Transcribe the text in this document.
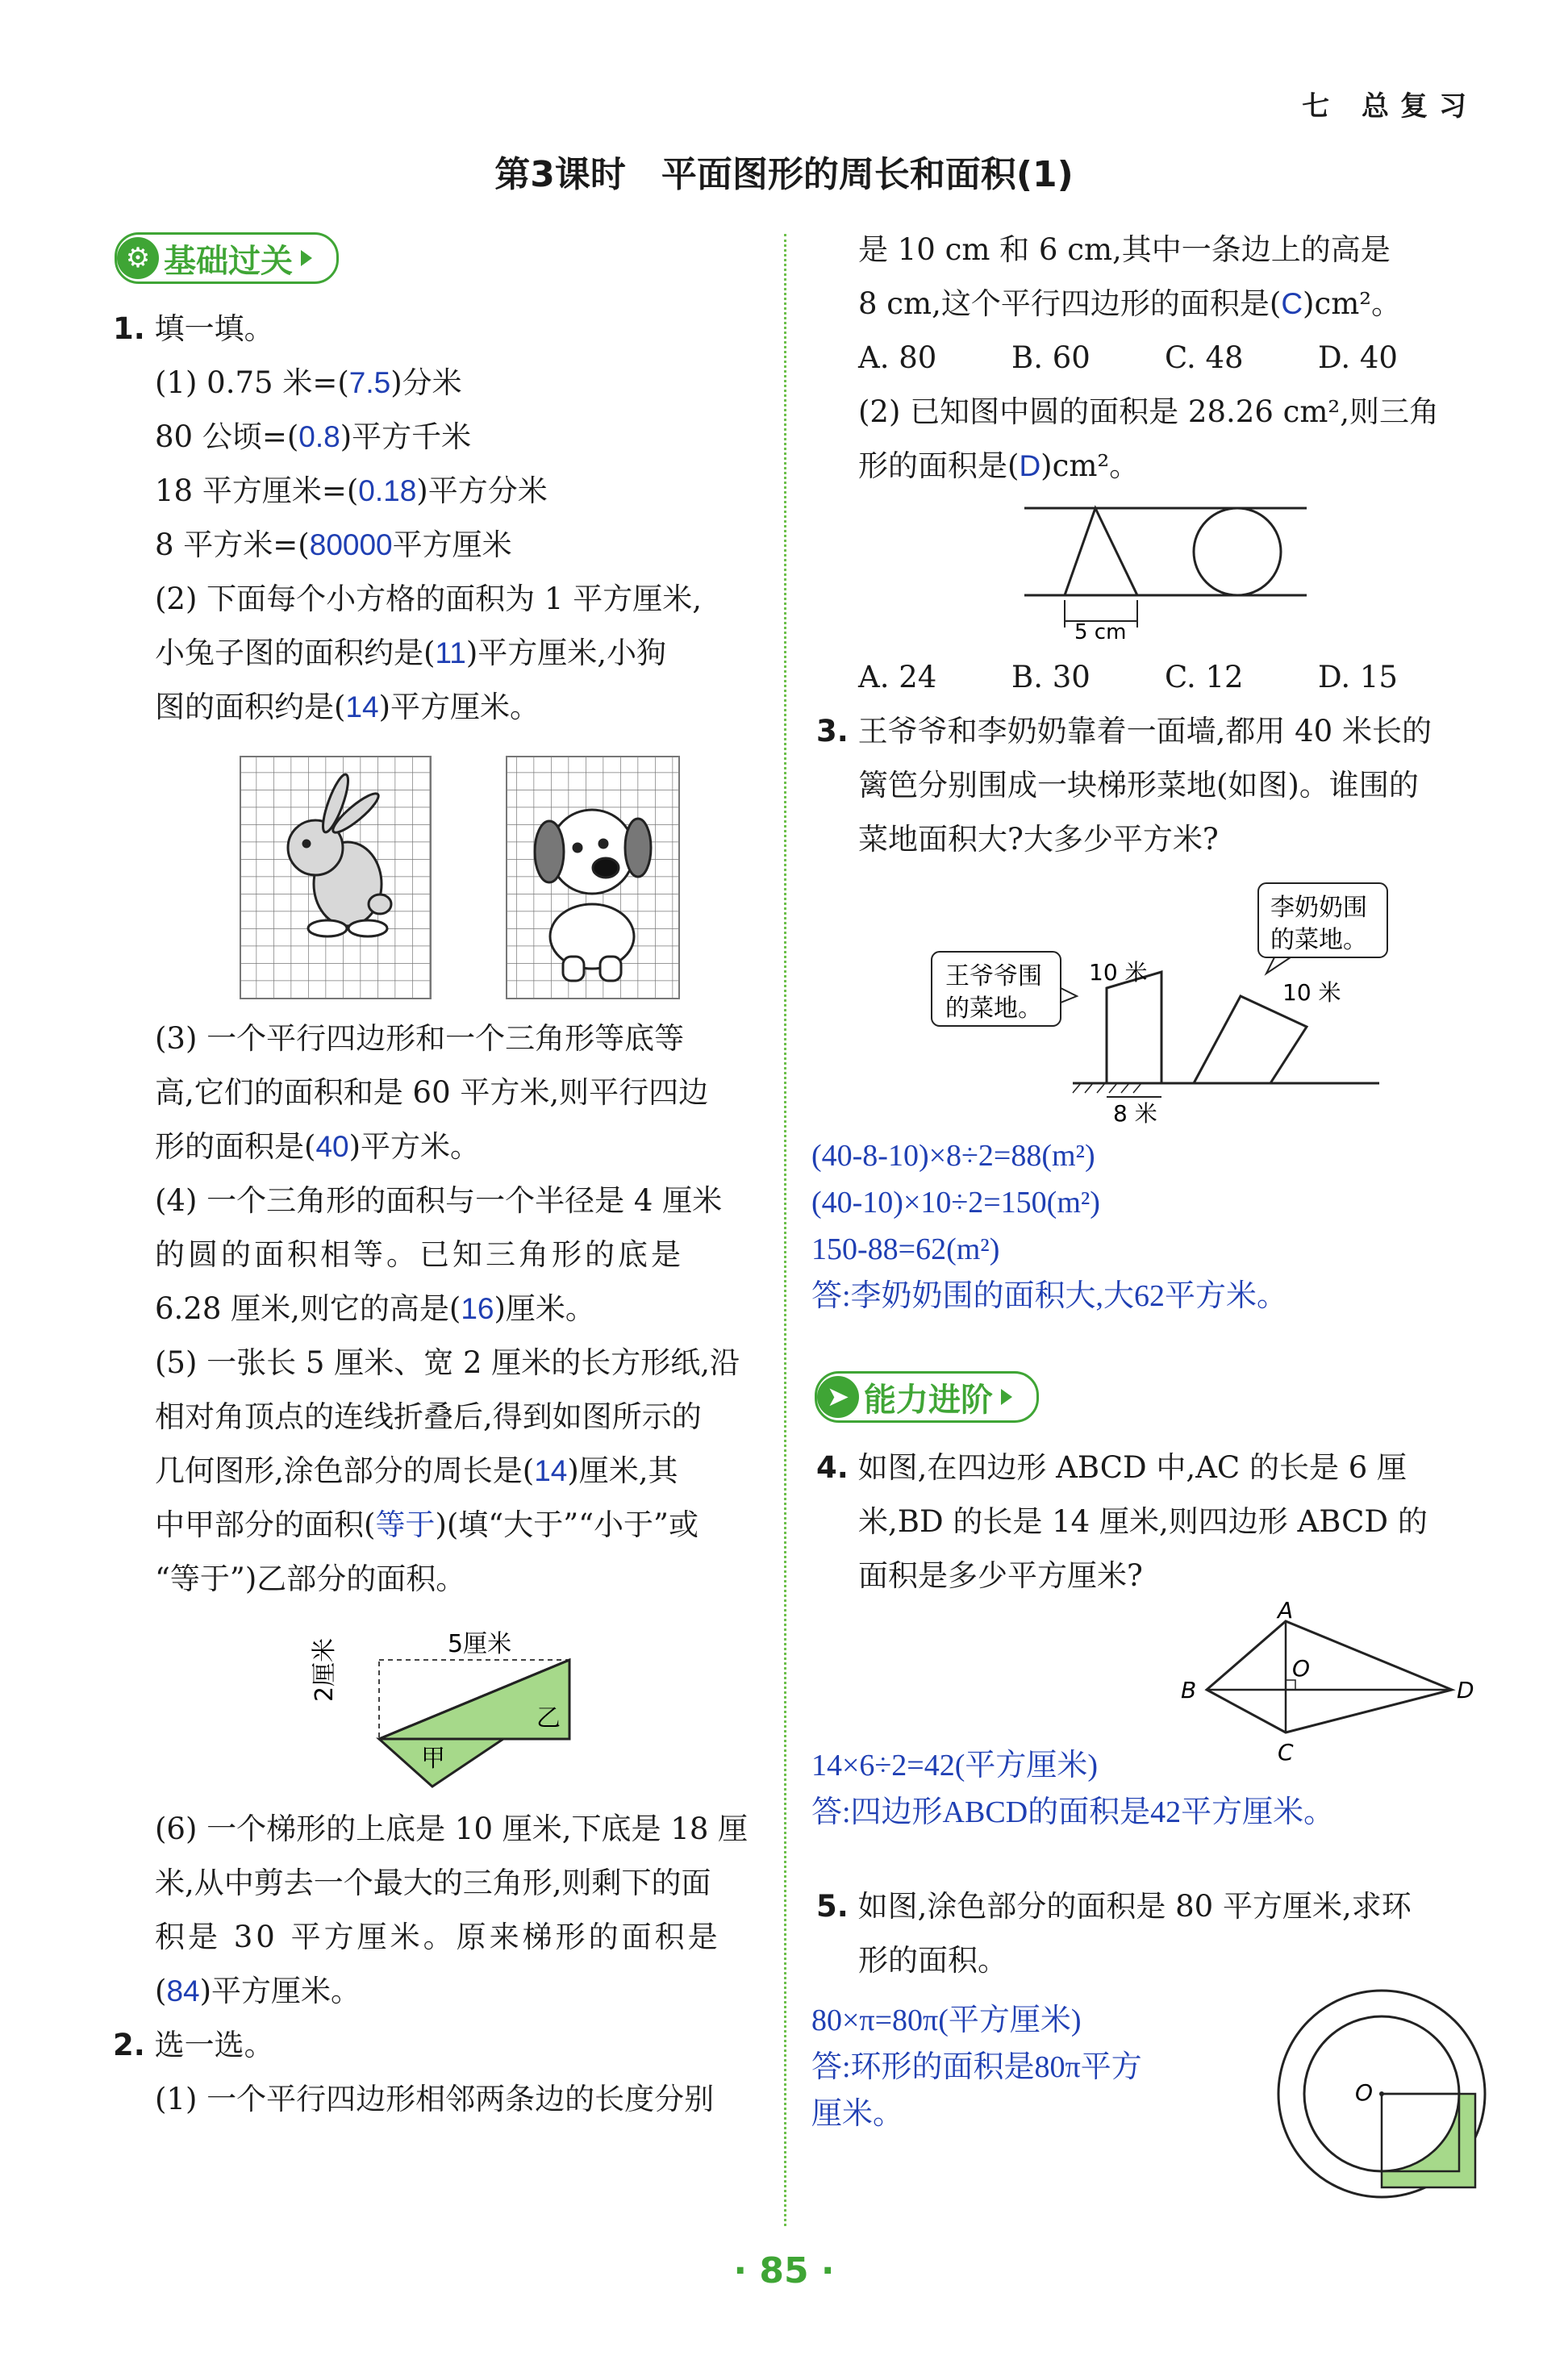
七 总复习
第3课时 平面图形的周长和面积(1)
⚙ 基础过关
1. 填一填。
(1) 0.75 米=(7.5)分米
80 公顷=(0.8)平方千米
18 平方厘米=(0.18)平方分米
8 平方米=(80000平方厘米
(2) 下面每个小方格的面积为 1 平方厘米,
小兔子图的面积约是(11)平方厘米,小狗
图的面积约是(14)平方厘米。
(3) 一个平行四边形和一个三角形等底等
高,它们的面积和是 60 平方米,则平行四边
形的面积是(40)平方米。
(4) 一个三角形的面积与一个半径是 4 厘米
的圆的面积相等。已知三角形的底是
6.28 厘米,则它的高是(16)厘米。
(5) 一张长 5 厘米、宽 2 厘米的长方形纸,沿
相对角顶点的连线折叠后,得到如图所示的
几何图形,涂色部分的周长是(14)厘米,其
中甲部分的面积(等于)(填“大于”“小于”或
“等于”)乙部分的面积。
5厘米
2厘米
甲
乙
(6) 一个梯形的上底是 10 厘米,下底是 18 厘
米,从中剪去一个最大的三角形,则剩下的面
积是 30 平方厘米。原来梯形的面积是
(84)平方厘米。
2. 选一选。
(1) 一个平行四边形相邻两条边的长度分别
是 10 cm 和 6 cm,其中一条边上的高是
8 cm,这个平行四边形的面积是(C)cm²。
A. 80	B. 60 C. 48 D. 40
(2) 已知图中圆的面积是 28.26 cm²,则三角
形的面积是(D)cm²。
5 cm
A. 24	B. 30 C. 12 D. 15
3. 王爷爷和李奶奶靠着一面墙,都用 40 米长的
篱笆分别围成一块梯形菜地(如图)。谁围的
菜地面积大?大多少平方米?
王爷爷围
的菜地。
李奶奶围
的菜地。
10 米
10 米
8 米
(40-8-10)×8÷2=88(m²)
(40-10)×10÷2=150(m²)
150-88=62(m²)
答:李奶奶围的面积大,大62平方米。
➤ 能力进阶
4. 如图,在四边形 ABCD 中,AC 的长是 6 厘
米,BD 的长是 14 厘米,则四边形 ABCD 的
面积是多少平方厘米?
A
B
C
D
O
14×6÷2=42(平方厘米)
答:四边形ABCD的面积是42平方厘米。
5. 如图,涂色部分的面积是 80 平方厘米,求环
形的面积。
80×π=80π(平方厘米)
答:环形的面积是80π平方
厘米。
O
· 85 ·
